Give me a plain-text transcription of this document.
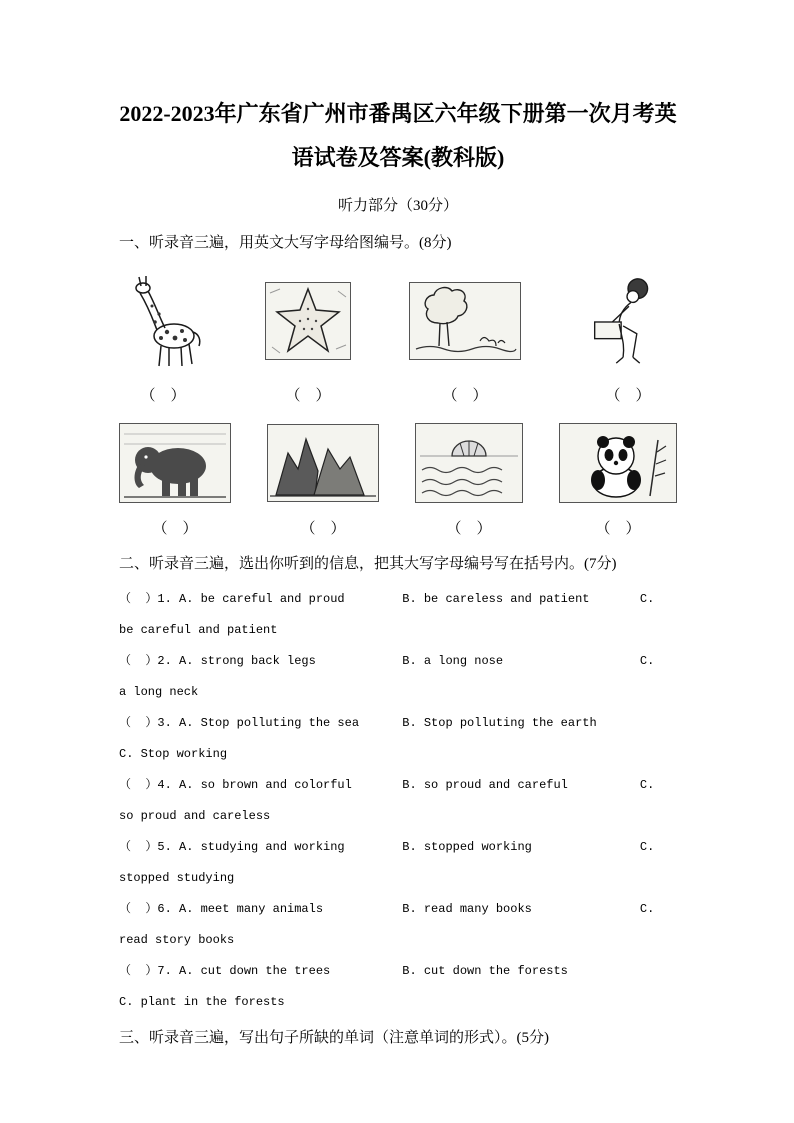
2022-2023年广东省广州市番禺区六年级下册第一次月考英
语试卷及答案(教科版)
听力部分（30分）
一、听录音三遍，用英文大写字母给图编号。(8分)
（    ）	（    ）	（    ）	（    ）
（    ）	（    ）	（    ）	（    ）
二、听录音三遍，选出你听到的信息，把其大写字母编号写在括号内。(7分)
（  ）1. A. be careful and proud        B. be careless and patient       C.
be careful and patient
（  ）2. A. strong back legs            B. a long nose                   C.
a long neck
（  ）3. A. Stop polluting the sea      B. Stop polluting the earth
C. Stop working
（  ）4. A. so brown and colorful       B. so proud and careful          C.
so proud and careless
（  ）5. A. studying and working        B. stopped working               C.
stopped studying
（  ）6. A. meet many animals           B. read many books               C.
read story books
（  ）7. A. cut down the trees          B. cut down the forests
C. plant in the forests
三、听录音三遍，写出句子所缺的单词（注意单词的形式）。(5分)
